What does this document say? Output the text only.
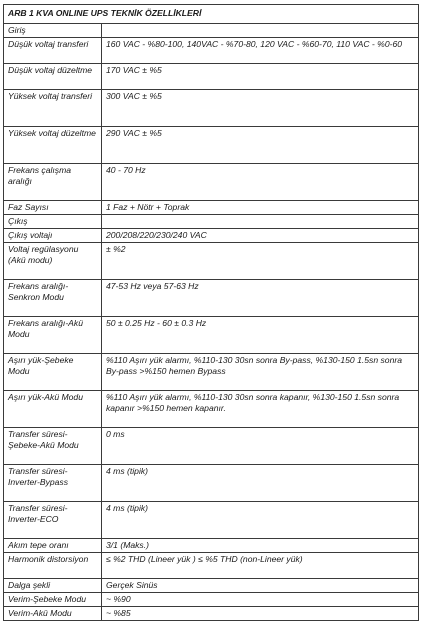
ARB 1 KVA ONLINE UPS TEKNİK ÖZELLİKLERİ	
Giriş	
Düşük voltaj transferi	160 VAC - %80-100, 140VAC - %70-80, 120 VAC - %60-70, 110 VAC - %0-60
Düşük voltaj düzeltme	170 VAC ± %5
Yüksek voltaj transferi	300 VAC ± %5
Yüksek voltaj düzeltme	290 VAC ± %5
Frekans çalışma aralığı	40 - 70 Hz
Faz Sayısı	1 Faz + Nötr + Toprak
Çıkış	
Çıkış voltajı	200/208/220/230/240 VAC
Voltaj regülasyonu (Akü modu)	± %2
Frekans aralığı-Senkron Modu	47-53 Hz veya 57-63 Hz
Frekans aralığı-Akü Modu	50 ± 0.25 Hz - 60 ± 0.3 Hz
Aşırı yük-Şebeke Modu	%110 Aşırı yük alarmı, %110-130 30sn sonra By-pass, %130-150 1.5sn sonra By-pass >%150 hemen Bypass
Aşırı yük-Akü Modu	%110 Aşırı yük alarmı, %110-130 30sn sonra kapanır, %130-150 1.5sn sonra kapanır >%150 hemen kapanır.
Transfer süresi-Şebeke-Akü Modu	0 ms
Transfer süresi-Inverter-Bypass	4 ms (tipik)
Transfer süresi-Inverter-ECO	4 ms (tipik)
Akım tepe oranı	3/1 (Maks.)
Harmonik distorsiyon	≤ %2 THD (Lineer yük ) ≤ %5 THD (non-Lineer yük)
Dalga şekli	Gerçek Sinüs
Verim-Şebeke Modu	~ %90
Verim-Akü Modu	~ %85
